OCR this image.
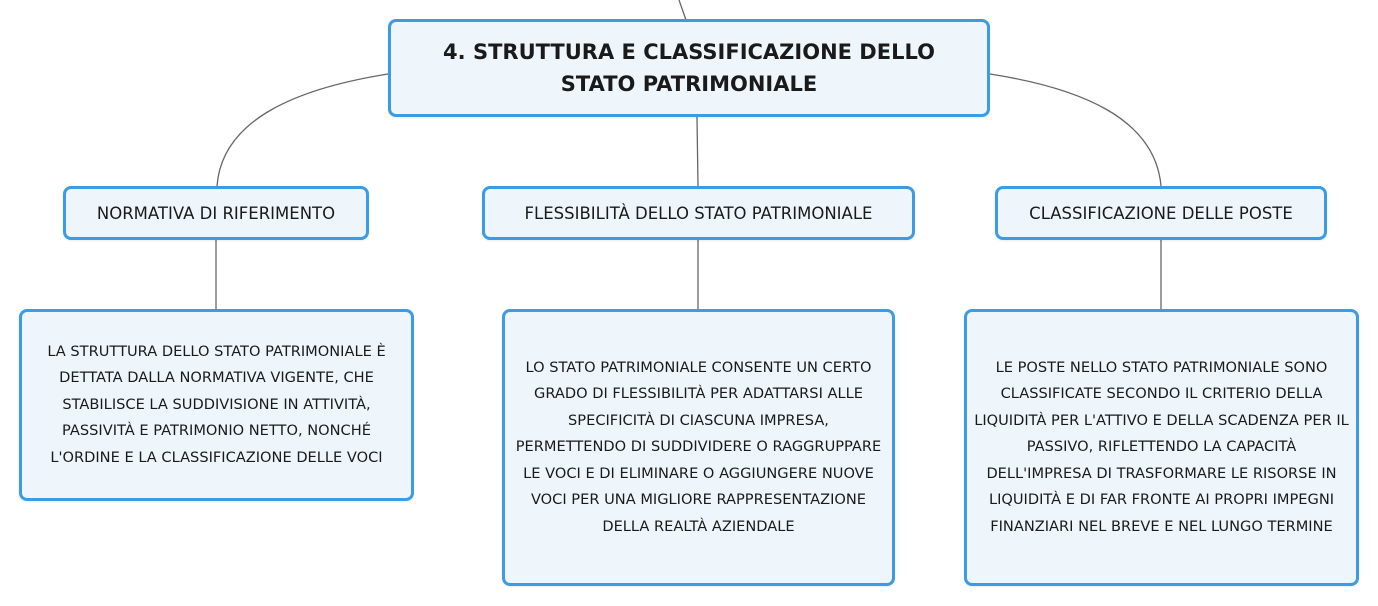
4. STRUTTURA E CLASSIFICAZIONE DELLO STATO PATRIMONIALE
NORMATIVA DI RIFERIMENTO	FLESSIBILITÀ DELLO STATO PATRIMONIALE	CLASSIFICAZIONE DELLE POSTE
LA STRUTTURA DELLO STATO PATRIMONIALE È DETTATA DALLA NORMATIVA VIGENTE, CHE STABILISCE LA SUDDIVISIONE IN ATTIVITÀ, PASSIVITÀ E PATRIMONIO NETTO, NONCHÉ L'ORDINE E LA CLASSIFICAZIONE DELLE VOCI
LO STATO PATRIMONIALE CONSENTE UN CERTO GRADO DI FLESSIBILITÀ PER ADATTARSI ALLE SPECIFICITÀ DI CIASCUNA IMPRESA, PERMETTENDO DI SUDDIVIDERE O RAGGRUPPARE LE VOCI E DI ELIMINARE O AGGIUNGERE NUOVE VOCI PER UNA MIGLIORE RAPPRESENTAZIONE DELLA REALTÀ AZIENDALE
LE POSTE NELLO STATO PATRIMONIALE SONO CLASSIFICATE SECONDO IL CRITERIO DELLA LIQUIDITÀ PER L'ATTIVO E DELLA SCADENZA PER IL PASSIVO, RIFLETTENDO LA CAPACITÀ DELL'IMPRESA DI TRASFORMARE LE RISORSE IN LIQUIDITÀ E DI FAR FRONTE AI PROPRI IMPEGNI FINANZIARI NEL BREVE E NEL LUNGO TERMINE
